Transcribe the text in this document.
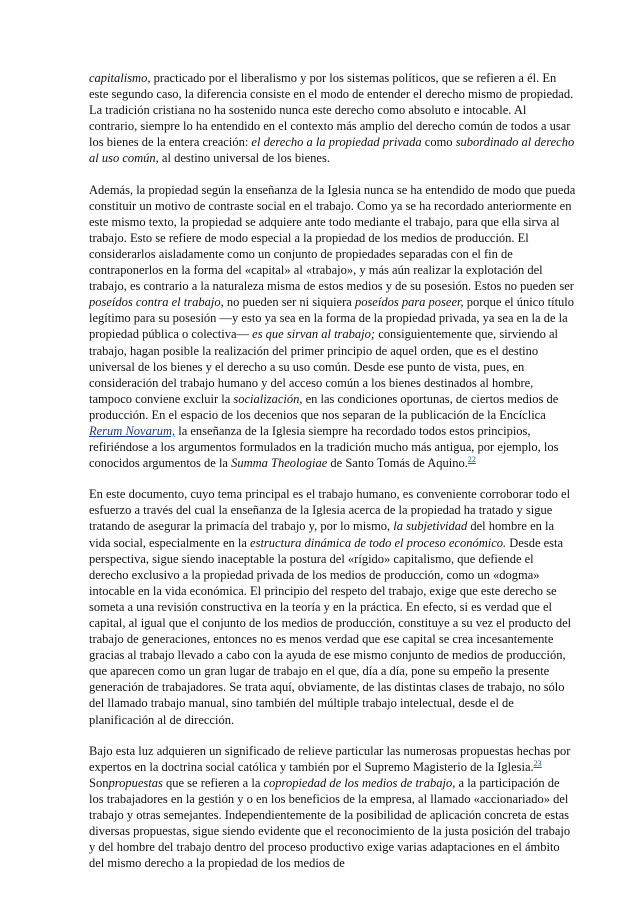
capitalismo, practicado por el liberalismo y por los sistemas políticos, que se refieren a él. En este segundo caso, la diferencia consiste en el modo de entender el derecho mismo de propiedad. La tradición cristiana no ha sostenido nunca este derecho como absoluto e intocable. Al contrario, siempre lo ha entendido en el contexto más amplio del derecho común de todos a usar los bienes de la entera creación: el derecho a la propiedad privada como subordinado al derecho al uso común, al destino universal de los bienes.

Además, la propiedad según la enseñanza de la Iglesia nunca se ha entendido de modo que pueda constituir un motivo de contraste social en el trabajo. Como ya se ha recordado anteriormente en este mismo texto, la propiedad se adquiere ante todo mediante el trabajo, para que ella sirva al trabajo. Esto se refiere de modo especial a la propiedad de los medios de producción. El considerarlos aisladamente como un conjunto de propiedades separadas con el fin de contraponerlos en la forma del «capital» al «trabajo», y más aún realizar la explotación del trabajo, es contrario a la naturaleza misma de estos medios y de su posesión. Estos no pueden ser poseídos contra el trabajo, no pueden ser ni siquiera poseídos para poseer, porque el único título legítimo para su posesión —y esto ya sea en la forma de la propiedad privada, ya sea en la de la propiedad pública o colectiva— es que sirvan al trabajo; consiguientemente que, sirviendo al trabajo, hagan posible la realización del primer principio de aquel orden, que es el destino universal de los bienes y el derecho a su uso común. Desde ese punto de vista, pues, en consideración del trabajo humano y del acceso común a los bienes destinados al hombre, tampoco conviene excluir la socialización, en las condiciones oportunas, de ciertos medios de producción. En el espacio de los decenios que nos separan de la publicación de la Encíclica Rerum Novarum, la enseñanza de la Iglesia siempre ha recordado todos estos principios, refiriéndose a los argumentos formulados en la tradición mucho más antigua, por ejemplo, los conocidos argumentos de la Summa Theologiae de Santo Tomás de Aquino.$^{22}$

En este documento, cuyo tema principal es el trabajo humano, es conveniente corroborar todo el esfuerzo a través del cual la enseñanza de la Iglesia acerca de la propiedad ha tratado y sigue tratando de asegurar la primacía del trabajo y, por lo mismo, la subjetividad del hombre en la vida social, especialmente en la estructura dinámica de todo el proceso económico. Desde esta perspectiva, sigue siendo inaceptable la postura del «rígido» capitalismo, que defiende el derecho exclusivo a la propiedad privada de los medios de producción, como un «dogma» intocable en la vida económica. El principio del respeto del trabajo, exige que este derecho se someta a una revisión constructiva en la teoría y en la práctica. En efecto, si es verdad que el capital, al igual que el conjunto de los medios de producción, constituye a su vez el producto del trabajo de generaciones, entonces no es menos verdad que ese capital se crea incesantemente gracias al trabajo llevado a cabo con la ayuda de ese mismo conjunto de medios de producción, que aparecen como un gran lugar de trabajo en el que, día a día, pone su empeño la presente generación de trabajadores. Se trata aquí, obviamente, de las distintas clases de trabajo, no sólo del llamado trabajo manual, sino también del múltiple trabajo intelectual, desde el de planificación al de dirección.

Bajo esta luz adquieren un significado de relieve particular las numerosas propuestas hechas por expertos en la doctrina social católica y también por el Supremo Magisterio de la Iglesia.$^{23}$ Sonpropuestas que se refieren a la copropiedad de los medios de trabajo, a la participación de los trabajadores en la gestión y o en los beneficios de la empresa, al llamado «accionariado» del trabajo y otras semejantes. Independientemente de la posibilidad de aplicación concreta de estas diversas propuestas, sigue siendo evidente que el reconocimiento de la justa posición del trabajo y del hombre del trabajo dentro del proceso productivo exige varias adaptaciones en el ámbito del mismo derecho a la propiedad de los medios de
